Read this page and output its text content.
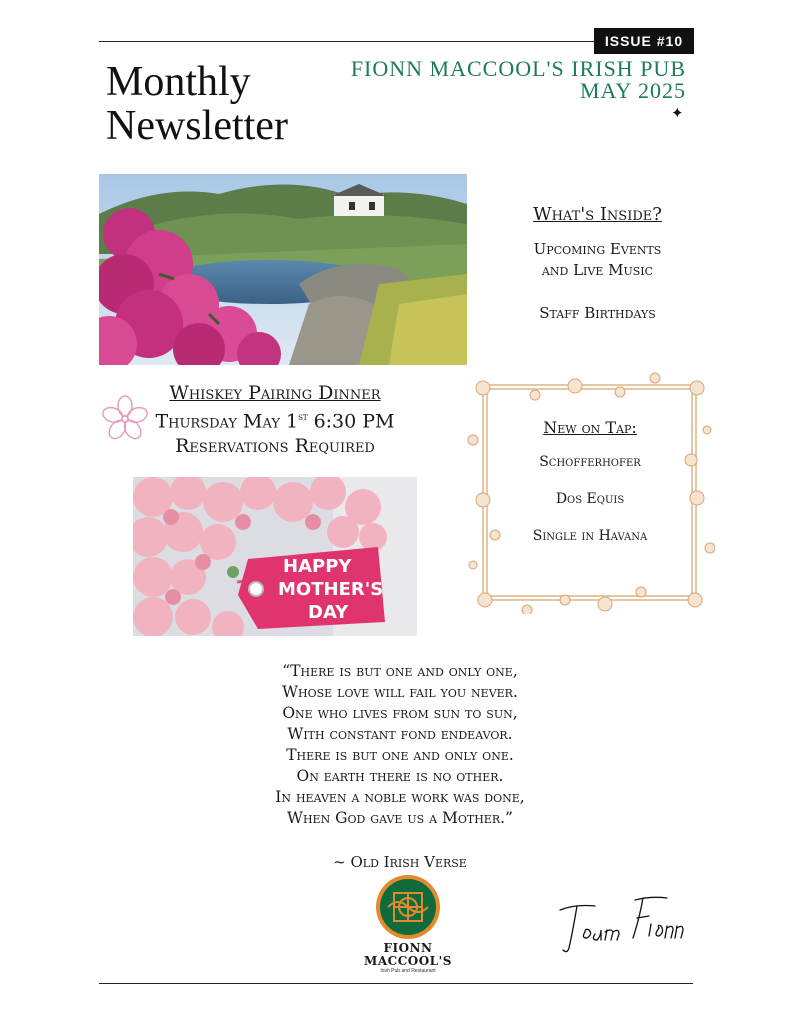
ISSUE #10
Monthly
Newsletter
FIONN MACCOOL'S IRISH PUB
MAY 2025
✦
What's Inside?

Upcoming Events
and Live Music

Staff Birthdays

Whiskey Pairing Dinner
Thursday May 1st 6:30 PM
Reservations Required
HAPPY
MOTHER'S
DAY
New on Tap:

Schofferhofer

Dos Equis

Single in Havana

“There is but one and only one,

Whose love will fail you never.

One who lives from sun to sun,

With constant fond endeavor.

There is but one and only one.

On earth there is no other.

In heaven a noble work was done,

When God gave us a Mother.”

~ Old Irish Verse
FIONN
MACCOOL'S
Irish Pub and Restaurant
